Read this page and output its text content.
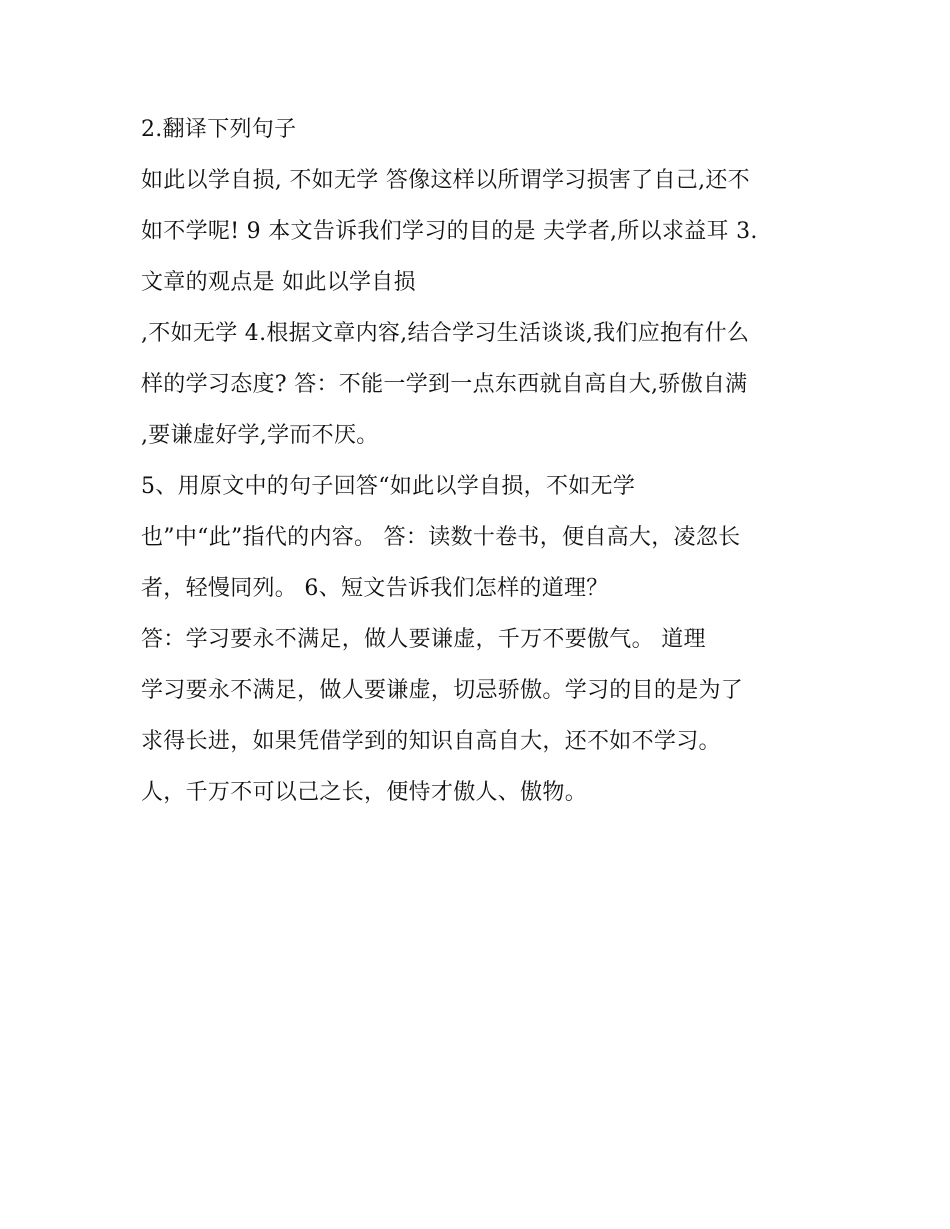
2.翻译下列句子
如此以学自损, 不如无学 答像这样以所谓学习损害了自己,还不
如不学呢! 9 本文告诉我们学习的目的是 夫学者,所以求益耳 3.
文章的观点是 如此以学自损
,不如无学 4.根据文章内容,结合学习生活谈谈,我们应抱有什么
样的学习态度? 答：不能一学到一点东西就自高自大,骄傲自满
,要谦虚好学,学而不厌。
5、用原文中的句子回答“如此以学自损，不如无学
也”中“此”指代的内容。 答：读数十卷书，便自高大，凌忽长
者，轻慢同列。 6、短文告诉我们怎样的道理？
答：学习要永不满足，做人要谦虚，千万不要傲气。 道理
学习要永不满足，做人要谦虚，切忌骄傲。学习的目的是为了
求得长进，如果凭借学到的知识自高自大，还不如不学习。
人，千万不可以己之长，便恃才傲人、傲物。
